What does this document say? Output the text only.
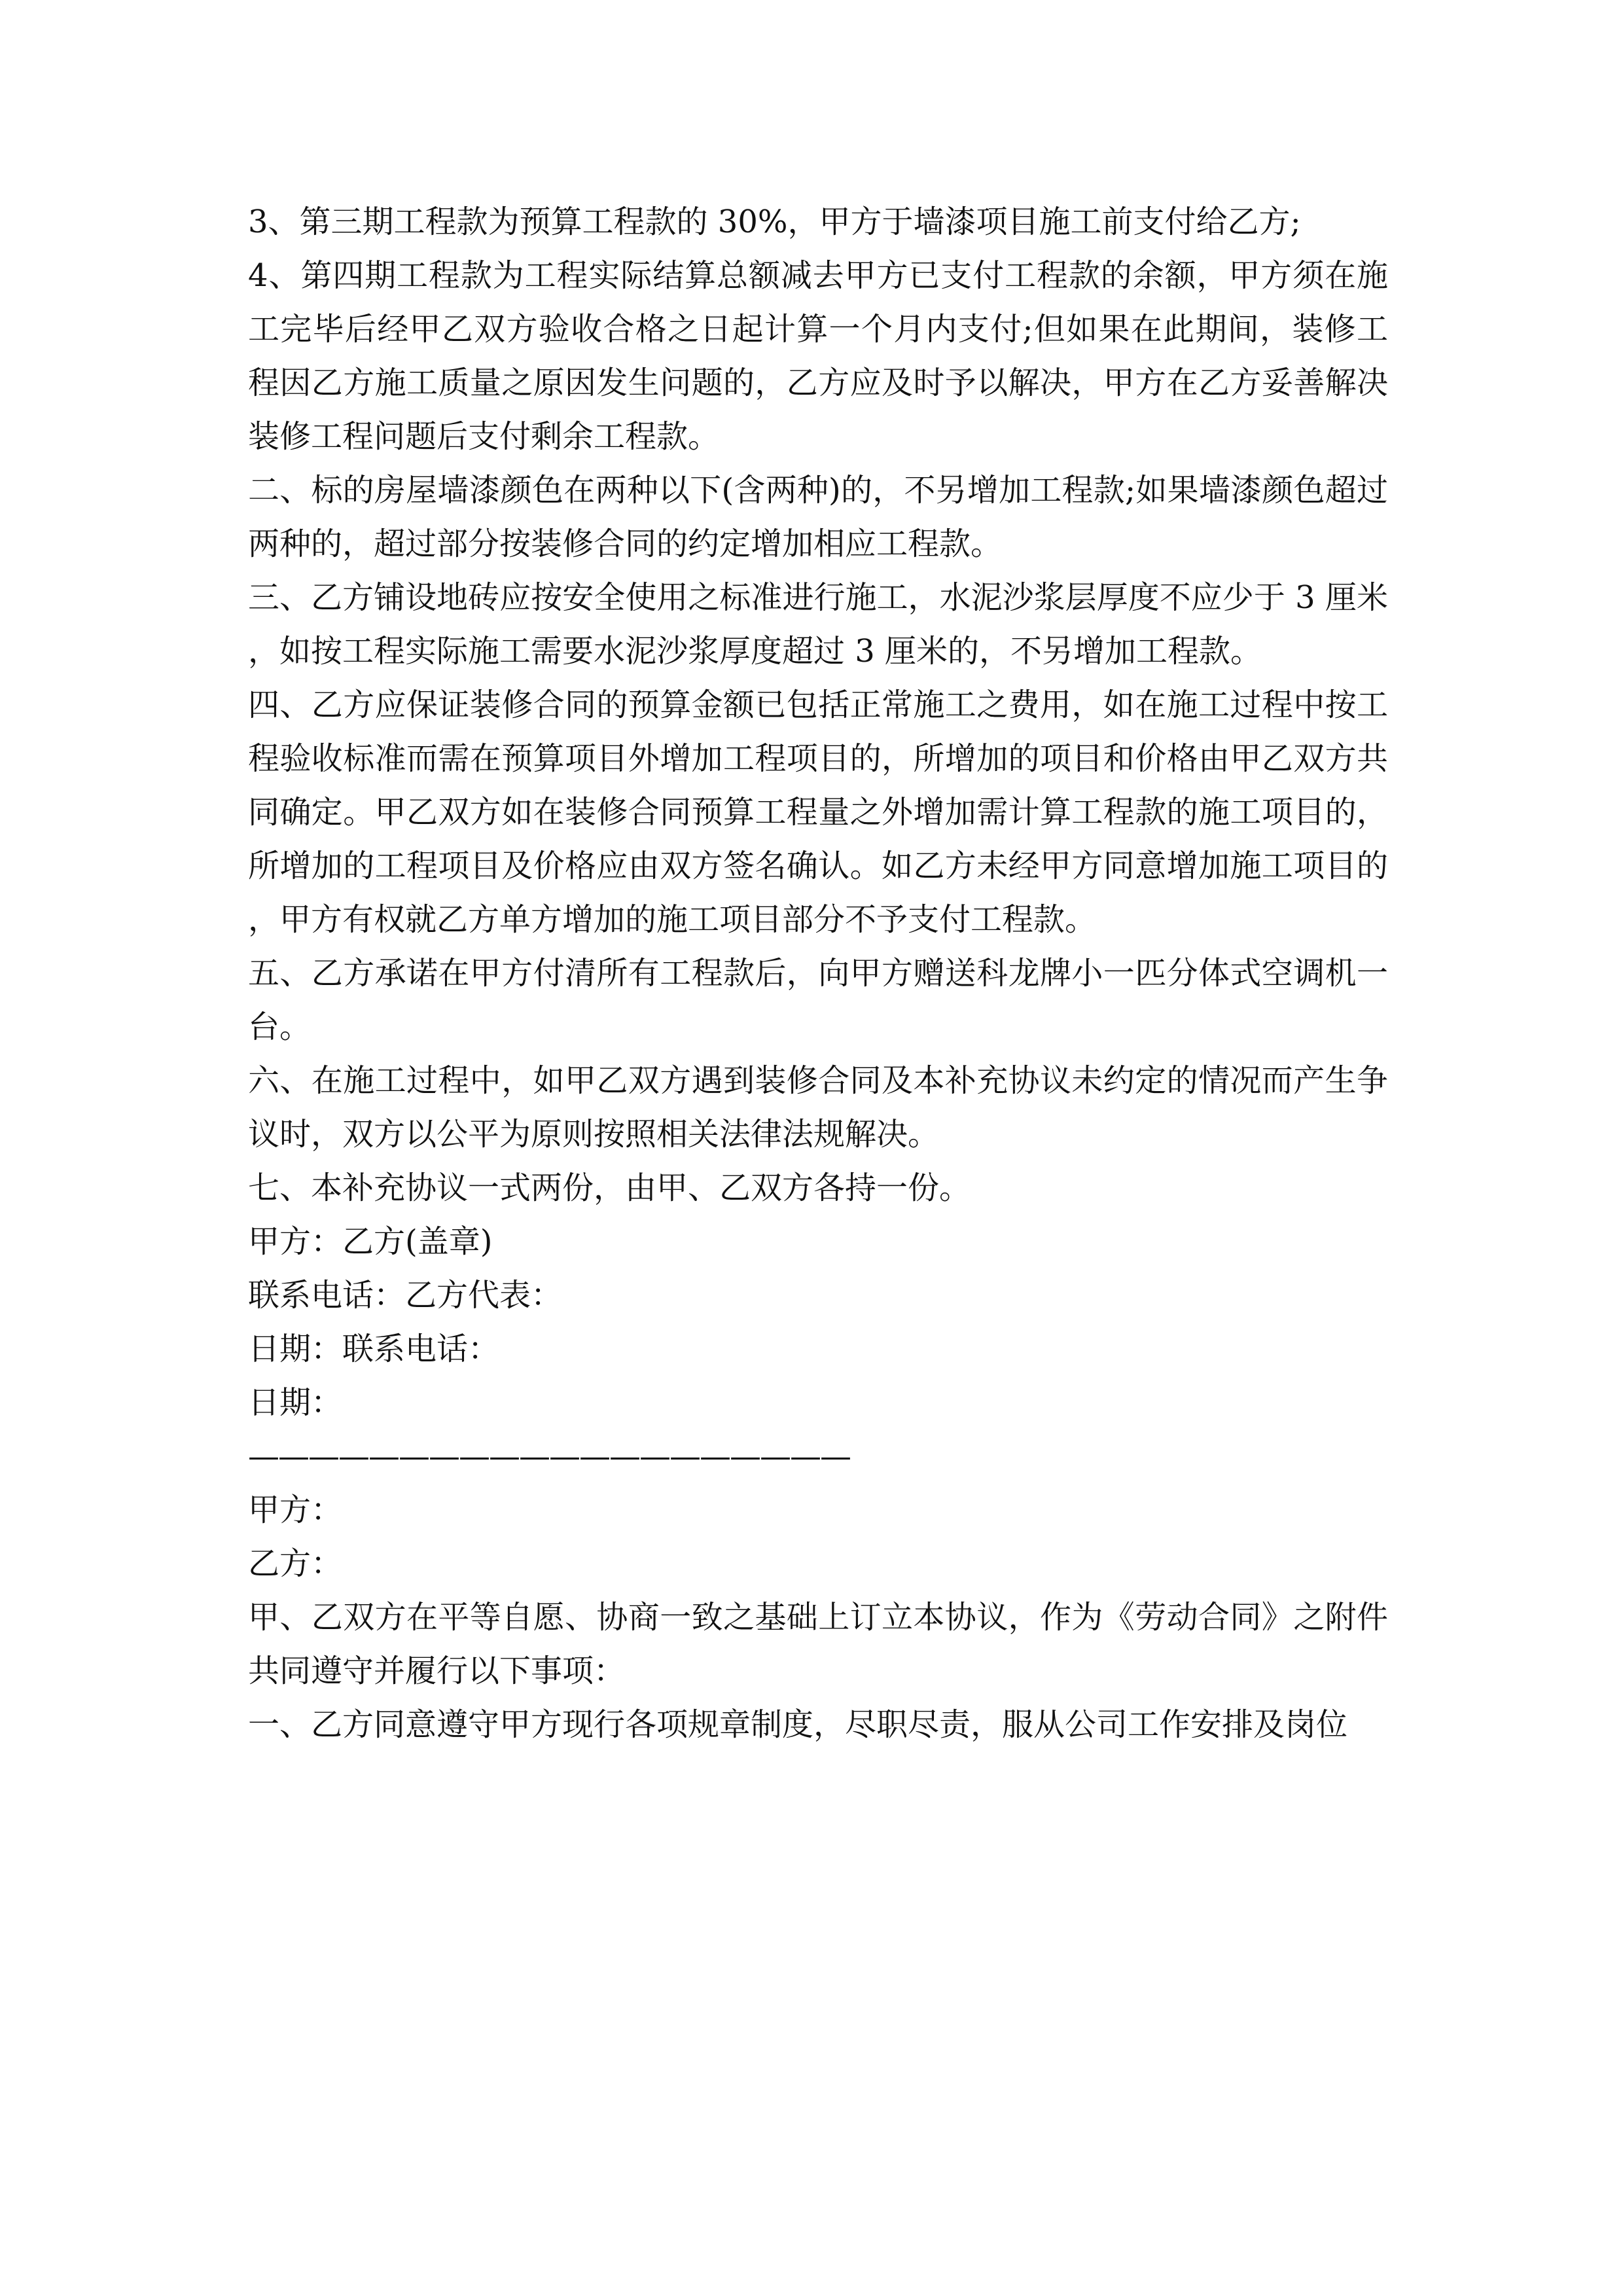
3、第三期工程款为预算工程款的 30%，甲方于墙漆项目施工前支付给乙方;

4、第四期工程款为工程实际结算总额减去甲方已支付工程款的余额，甲方须在施工完毕后经甲乙双方验收合格之日起计算一个月内支付;但如果在此期间，装修工程因乙方施工质量之原因发生问题的，乙方应及时予以解决，甲方在乙方妥善解决装修工程问题后支付剩余工程款。

二、标的房屋墙漆颜色在两种以下(含两种)的，不另增加工程款;如果墙漆颜色超过两种的，超过部分按装修合同的约定增加相应工程款。

三、乙方铺设地砖应按安全使用之标准进行施工，水泥沙浆层厚度不应少于 3 厘米，如按工程实际施工需要水泥沙浆厚度超过 3 厘米的，不另增加工程款。

四、乙方应保证装修合同的预算金额已包括正常施工之费用，如在施工过程中按工程验收标准而需在预算项目外增加工程项目的，所增加的项目和价格由甲乙双方共同确定。甲乙双方如在装修合同预算工程量之外增加需计算工程款的施工项目的，所增加的工程项目及价格应由双方签名确认。如乙方未经甲方同意增加施工项目的，甲方有权就乙方单方增加的施工项目部分不予支付工程款。

五、乙方承诺在甲方付清所有工程款后，向甲方赠送科龙牌小一匹分体式空调机一台。

六、在施工过程中，如甲乙双方遇到装修合同及本补充协议未约定的情况而产生争议时，双方以公平为原则按照相关法律法规解决。

七、本补充协议一式两份，由甲、乙双方各持一份。

甲方：乙方(盖章)

联系电话：乙方代表：

日期：联系电话：

日期：

————————————————————

甲方：

乙方：

甲、乙双方在平等自愿、协商一致之基础上订立本协议，作为《劳动合同》之附件共同遵守并履行以下事项：

一、乙方同意遵守甲方现行各项规章制度，尽职尽责，服从公司工作安排及岗位
